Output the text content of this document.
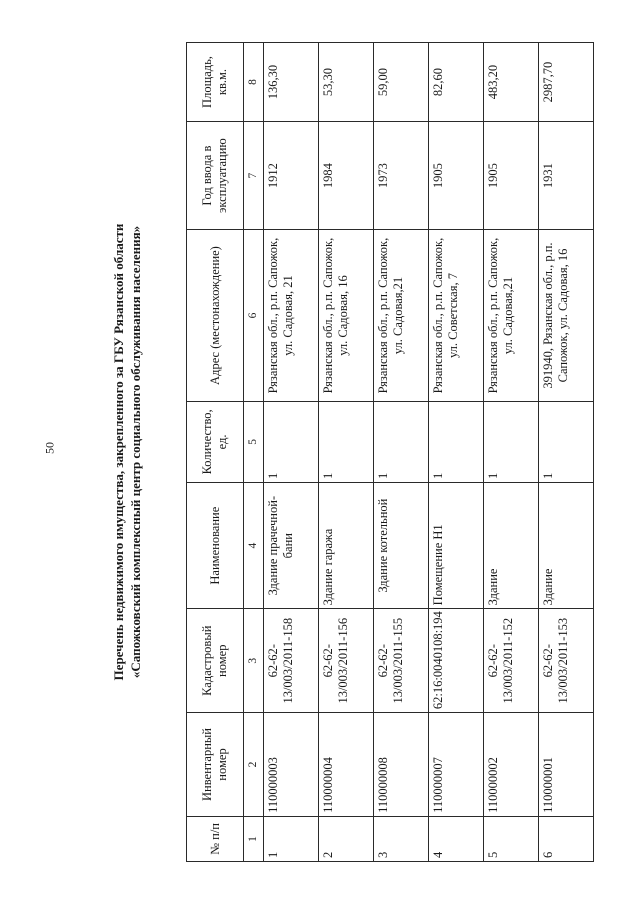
50	Перечень недвижимого имущества, закрепленного за ГБУ Рязанской области «Сапожковский комплексный центр социального обслуживания населения»
№ п/п	Инвентарный номер	Кадастровый номер	Наименование	Количество, ед.	Адрес (местонахождение)	Год ввода в эксплуатацию	Площадь, кв.м.
1	2	3	4	5	6	7	8
1	110000003	62-62-13/003/2011-158	Здание прачечной-бани	1	Рязанская обл., р.п. Сапожок, ул. Садовая, 21	1912	136,30
2	110000004	62-62-13/003/2011-156	Здание гаража	1	Рязанская обл., р.п. Сапожок, ул. Садовая, 16	1984	53,30
3	110000008	62-62-13/003/2011-155	Здание котельной	1	Рязанская обл., р.п. Сапожок, ул. Садовая,21	1973	59,00
4	110000007	62:16:0040108:194	Помещение Н1	1	Рязанская обл., р.п. Сапожок, ул. Советская, 7	1905	82,60
5	110000002	62-62-13/003/2011-152	Здание	1	Рязанская обл., р.п. Сапожок, ул. Садовая,21	1905	483,20
6	110000001	62-62-13/003/2011-153	Здание	1	391940, Рязанская обл., р.п. Сапожок, ул. Садовая, 16	1931	2987,70
